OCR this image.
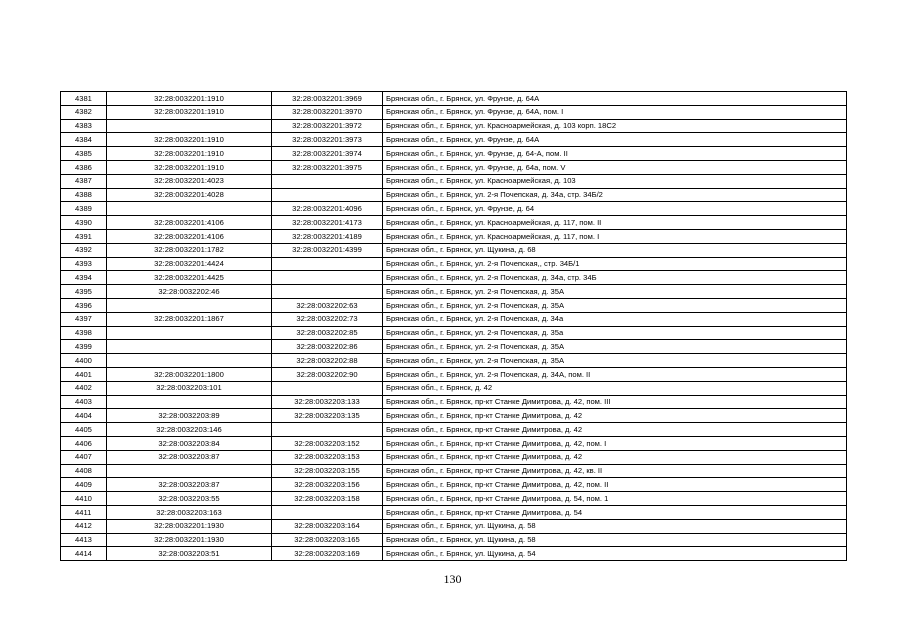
4381	32:28:0032201:1910	32:28:0032201:3969	Брянская обл., г. Брянск, ул. Фрунзе, д. 64А
4382	32:28:0032201:1910	32:28:0032201:3970	Брянская обл., г. Брянск, ул. Фрунзе, д. 64А, пом. I
4383		32:28:0032201:3972	Брянская обл., г. Брянск, ул. Красноармейская, д. 103 корп. 18С2
4384	32:28:0032201:1910	32:28:0032201:3973	Брянская обл., г. Брянск, ул. Фрунзе, д. 64А
4385	32:28:0032201:1910	32:28:0032201:3974	Брянская обл., г. Брянск, ул. Фрунзе, д. 64-А, пом. II
4386	32:28:0032201:1910	32:28:0032201:3975	Брянская обл., г. Брянск, ул. Фрунзе, д. 64а, пом. V
4387	32:28:0032201:4023		Брянская обл., г. Брянск, ул. Красноармейская, д. 103
4388	32:28:0032201:4028		Брянская обл., г. Брянск, ул. 2-я Почепская, д. 34а, стр. 34Б/2
4389		32:28:0032201:4096	Брянская обл., г. Брянск, ул. Фрунзе, д. 64
4390	32:28:0032201:4106	32:28:0032201:4173	Брянская обл., г. Брянск, ул. Красноармейская, д. 117, пом. II
4391	32:28:0032201:4106	32:28:0032201:4189	Брянская обл., г. Брянск, ул. Красноармейская, д. 117, пом. I
4392	32:28:0032201:1782	32:28:0032201:4399	Брянская обл., г. Брянск, ул. Щукина, д. 68
4393	32:28:0032201:4424		Брянская обл., г. Брянск, ул. 2-я Почепская,, стр. 34Б/1
4394	32:28:0032201:4425		Брянская обл., г. Брянск, ул. 2-я Почепская, д. 34а, стр. 34Б
4395	32:28:0032202:46		Брянская обл., г. Брянск, ул. 2-я Почепская, д. 35А
4396		32:28:0032202:63	Брянская обл., г. Брянск, ул. 2-я Почепская, д. 35А
4397	32:28:0032201:1867	32:28:0032202:73	Брянская обл., г. Брянск, ул. 2-я Почепская, д. 34а
4398		32:28:0032202:85	Брянская обл., г. Брянск, ул. 2-я Почепская, д. 35а
4399		32:28:0032202:86	Брянская обл., г. Брянск, ул. 2-я Почепская, д. 35А
4400		32:28:0032202:88	Брянская обл., г. Брянск, ул. 2-я Почепская, д. 35А
4401	32:28:0032201:1800	32:28:0032202:90	Брянская обл., г. Брянск, ул. 2-я Почепская, д. 34А, пом. II
4402	32:28:0032203:101		Брянская обл., г. Брянск, д. 42
4403		32:28:0032203:133	Брянская обл., г. Брянск, пр-кт Станке Димитрова, д. 42, пом. III
4404	32:28:0032203:89	32:28:0032203:135	Брянская обл., г. Брянск, пр-кт Станке Димитрова, д. 42
4405	32:28:0032203:146		Брянская обл., г. Брянск, пр-кт Станке Димитрова, д. 42
4406	32:28:0032203:84	32:28:0032203:152	Брянская обл., г. Брянск, пр-кт Станке Димитрова, д. 42, пом. I
4407	32:28:0032203:87	32:28:0032203:153	Брянская обл., г. Брянск, пр-кт Станке Димитрова, д. 42
4408		32:28:0032203:155	Брянская обл., г. Брянск, пр-кт Станке Димитрова, д. 42, кв. II
4409	32:28:0032203:87	32:28:0032203:156	Брянская обл., г. Брянск, пр-кт Станке Димитрова, д. 42, пом. II
4410	32:28:0032203:55	32:28:0032203:158	Брянская обл., г. Брянск, пр-кт Станке Димитрова, д. 54, пом. 1
4411	32:28:0032203:163		Брянская обл., г. Брянск, пр-кт Станке Димитрова, д. 54
4412	32:28:0032201:1930	32:28:0032203:164	Брянская обл., г. Брянск, ул. Щукина, д. 58
4413	32:28:0032201:1930	32:28:0032203:165	Брянская обл., г. Брянск, ул. Щукина, д. 58
4414	32:28:0032203:51	32:28:0032203:169	Брянская обл., г. Брянск, ул. Щукина, д. 54
130
